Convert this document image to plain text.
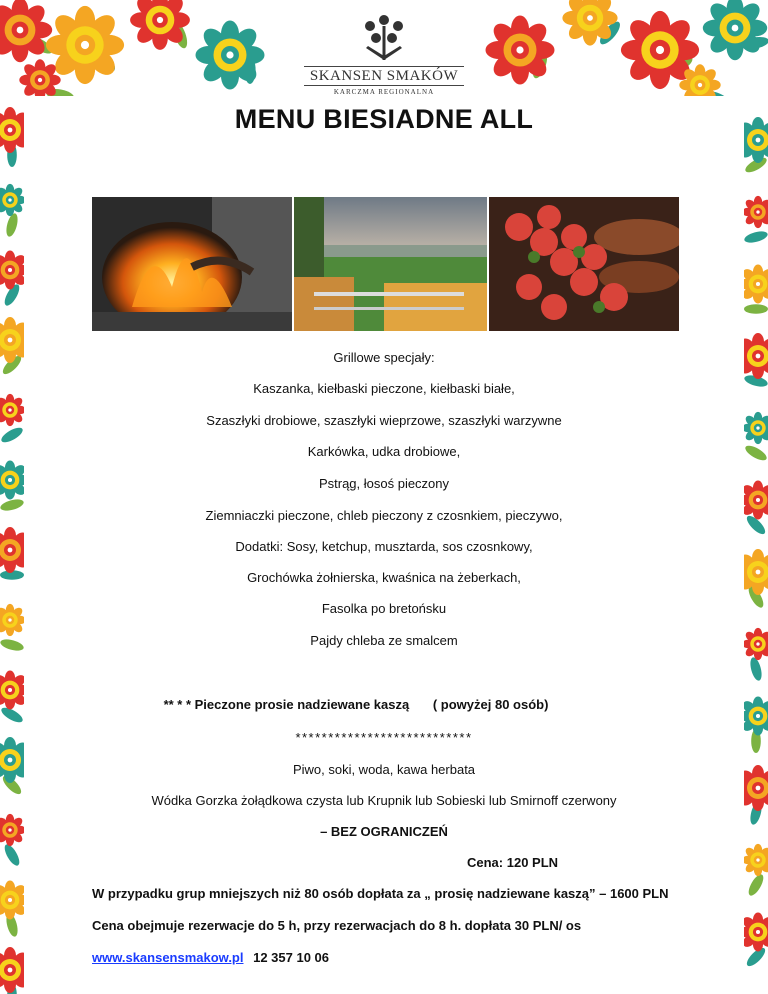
SKANSEN SMAKÓW
KARCZMA REGIONALNA
MENU BIESIADNE ALL
Grillowe specjały:
Kaszanka, kiełbaski pieczone, kiełbaski białe,
Szaszłyki drobiowe, szaszłyki wieprzowe, szaszłyki warzywne
Karkówka, udka drobiowe,
Pstrąg, łosoś pieczony
Ziemniaczki pieczone, chleb pieczony z czosnkiem, pieczywo,
Dodatki: Sosy, ketchup, musztarda, sos czosnkowy,
Grochówka żołnierska, kwaśnica na żeberkach,
Fasolka po bretońsku
Pajdy chleba ze smalcem
** * * Pieczone prosie nadziewane kaszą ( powyżej 80 osób)
***************************
Piwo, soki, woda, kawa herbata
Wódka Gorzka żołądkowa czysta lub Krupnik lub Sobieski lub Smirnoff czerwony
– BEZ OGRANICZEŃ
Cena: 120 PLN
W przypadku grup mniejszych niż 80 osób dopłata za „ prosię nadziewane kaszą” – 1600 PLN
Cena obejmuje rezerwacje do 5 h, przy rezerwacjach do 8 h. dopłata 30 PLN/ os
www.skansensmakow.pl 12 357 10 06
